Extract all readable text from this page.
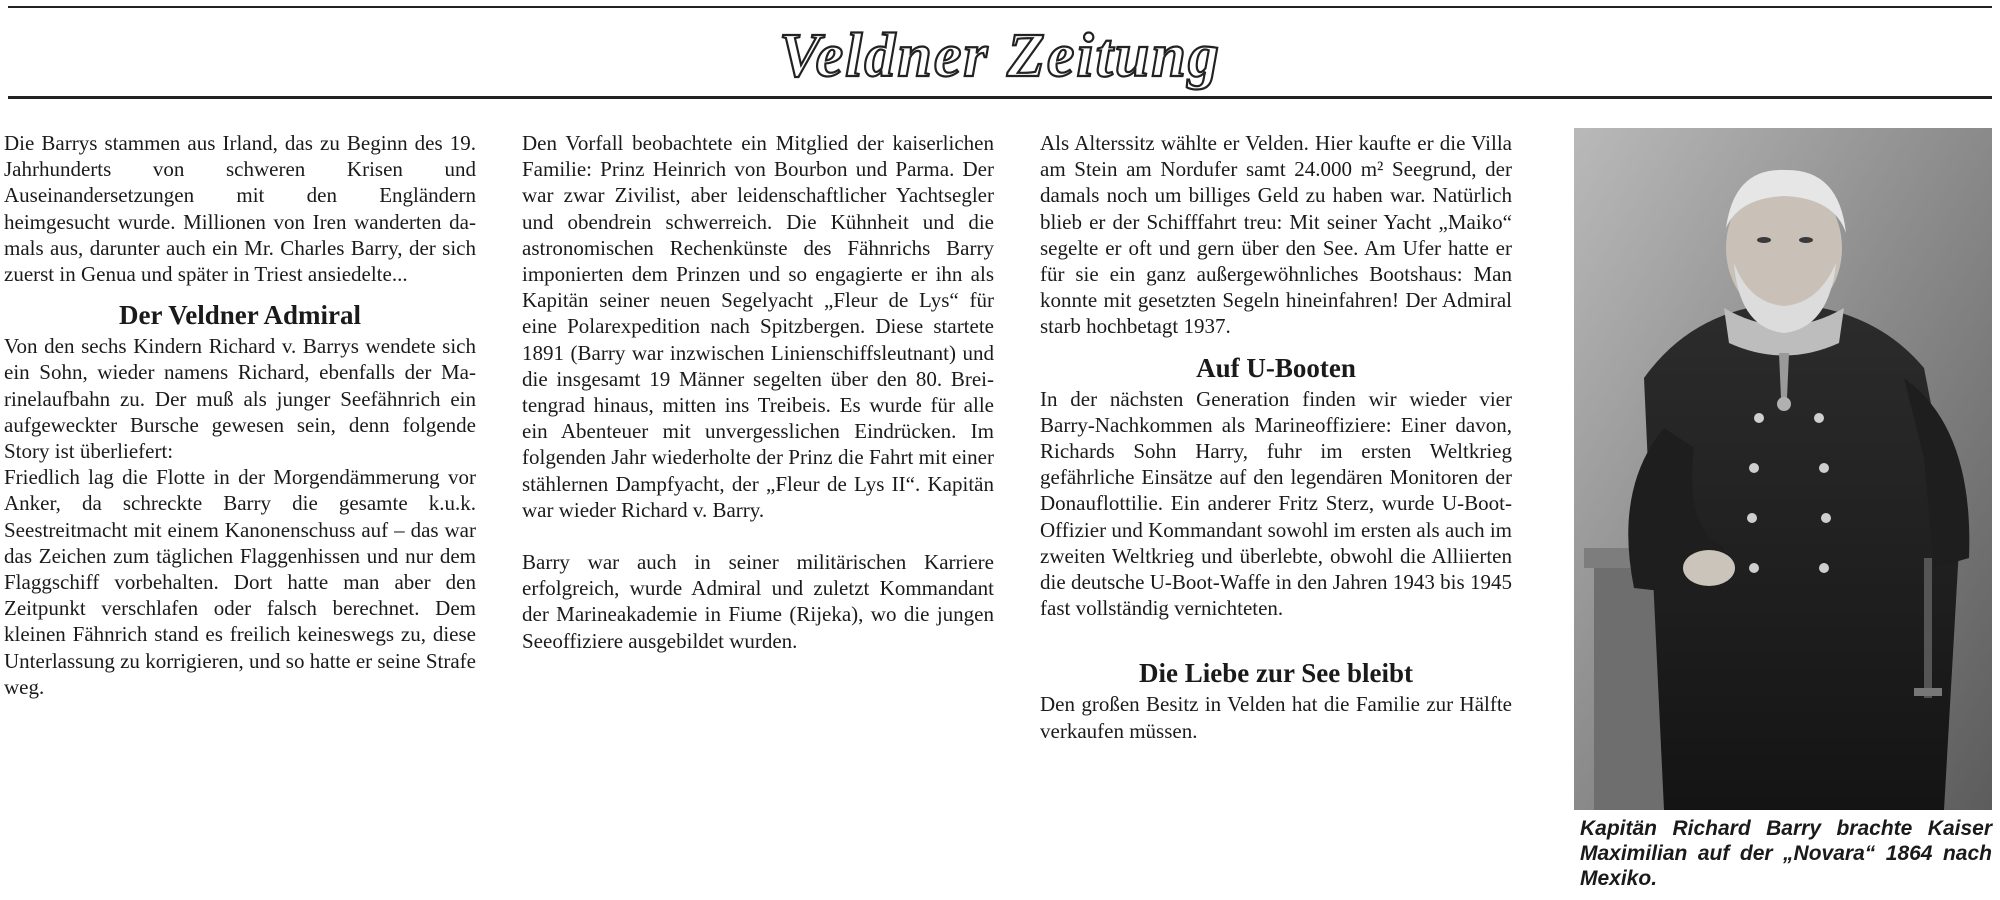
Veldner Zeitung

Die Barrys stammen aus Irland, das zu Beginn des 19. Jahrhunderts von schweren Krisen und Auseinandersetzungen mit den Engländern heimgesucht wurde. Millionen von Iren wanderten damals aus, darunter auch ein Mr. Charles Barry, der sich zuerst in Genua und später in Triest ansiedelte...

Der Veldner Admiral

Von den sechs Kindern Richard v. Barrys wendete sich ein Sohn, wieder namens Richard, ebenfalls der Marinelaufbahn zu. Der muß als junger Seefähnrich ein aufgeweckter Bursche gewesen sein, denn folgende Story ist überliefert:

Friedlich lag die Flotte in der Morgendämmerung vor Anker, da schreckte Barry die gesamte k.u.k. Seestreitmacht mit einem Kanonenschuss auf – das war das Zeichen zum täglichen Flaggenhissen und nur dem Flaggschiff vorbehalten. Dort hatte man aber den Zeitpunkt verschlafen oder falsch berechnet. Dem kleinen Fähnrich stand es freilich keineswegs zu, diese Unterlassung zu korrigieren, und so hatte er seine Strafe weg.

Den Vorfall beobachtete ein Mitglied der kaiserlichen Familie: Prinz Heinrich von Bourbon und Parma. Der war zwar Zivilist, aber leidenschaftlicher Yachtsegler und obendrein schwerreich. Die Kühnheit und die astronomischen Rechenkünste des Fähnrichs Barry imponierten dem Prinzen und so engagierte er ihn als Kapitän seiner neuen Segelyacht „Fleur de Lys“ für eine Polarexpedition nach Spitzbergen. Diese startete 1891 (Barry war inzwischen Linienschiffsleutnant) und die insgesamt 19 Männer segelten über den 80. Breitengrad hinaus, mitten ins Treibeis. Es wurde für alle ein Abenteuer mit unvergesslichen Eindrücken. Im folgenden Jahr wiederholte der Prinz die Fahrt mit einer stählernen Dampfyacht, der „Fleur de Lys II“. Kapitän war wieder Richard v. Barry.

Barry war auch in seiner militärischen Karriere erfolgreich, wurde Admiral und zuletzt Kommandant der Marineakademie in Fiume (Rijeka), wo die jungen Seeoffiziere ausgebildet wurden.

Als Alterssitz wählte er Velden. Hier kaufte er die Villa am Stein am Nordufer samt 24.000 m² Seegrund, der damals noch um billiges Geld zu haben war. Natürlich blieb er der Schifffahrt treu: Mit seiner Yacht „Maiko“ segelte er oft und gern über den See. Am Ufer hatte er für sie ein ganz außergewöhnliches Bootshaus: Man konnte mit gesetzten Segeln hineinfahren! Der Admiral starb hochbetagt 1937.

Auf U-Booten

In der nächsten Generation finden wir wieder vier Barry-Nachkommen als Marineoffiziere: Einer davon, Richards Sohn Harry, fuhr im ersten Weltkrieg gefährliche Einsätze auf den legendären Monitoren der Donauflottilie. Ein anderer Fritz Sterz, wurde U-Boot-Offizier und Kommandant sowohl im ersten als auch im zweiten Weltkrieg und überlebte, obwohl die Alliierten die deutsche U-Boot-Waffe in den Jahren 1943 bis 1945 fast vollständig vernichteten.

Die Liebe zur See bleibt

Den großen Besitz in Velden hat die Familie zur Hälfte verkaufen müssen.

Kapitän Richard Barry brachte Kaiser Maximilian auf der „Novara“ 1864 nach Mexiko.
